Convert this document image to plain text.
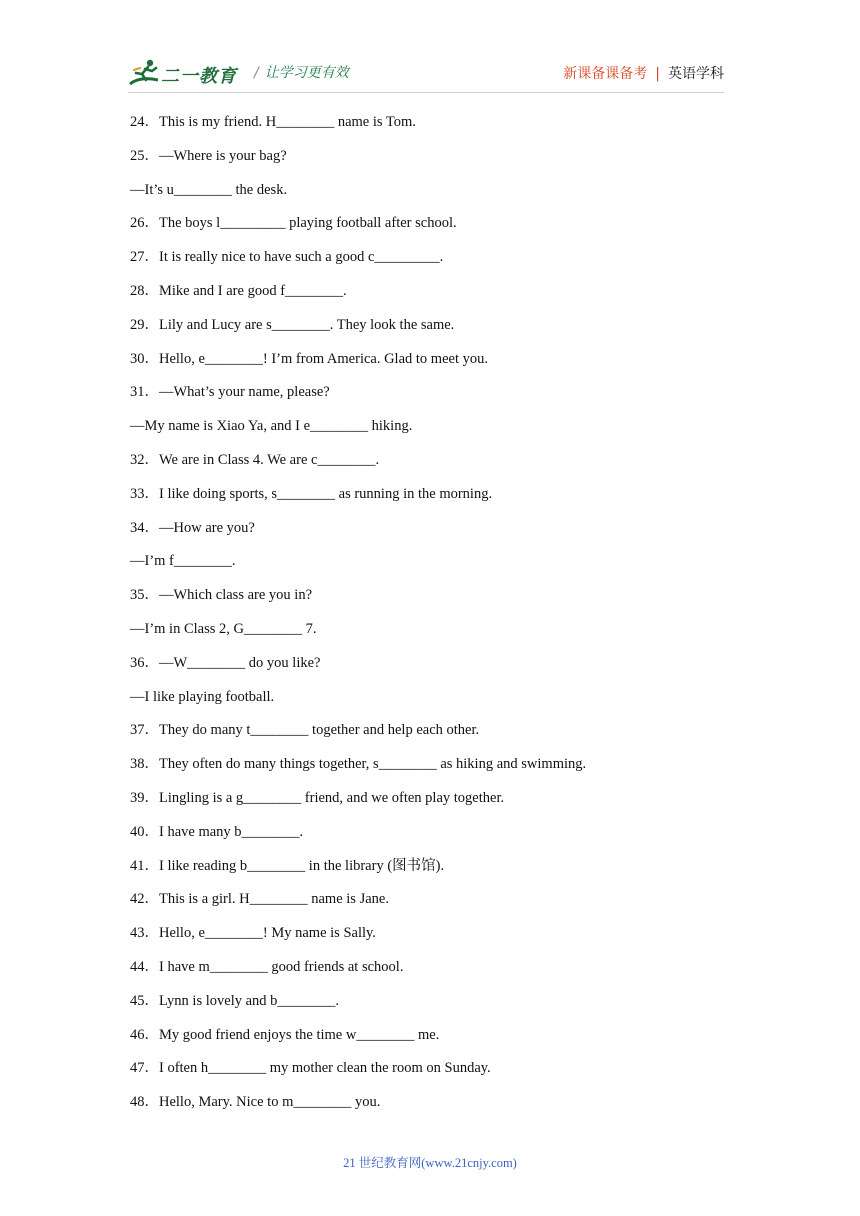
二一教育 / 让学习更有效	新课备课备考 | 英语学科
24．This is my friend. H________ name is Tom.
25．—Where is your bag?
—It’s u________ the desk.
26．The boys l_________ playing football after school.
27．It is really nice to have such a good c_________.
28．Mike and I are good f________.
29．Lily and Lucy are s________. They look the same.
30．Hello, e________! I’m from America. Glad to meet you.
31．—What’s your name, please?
—My name is Xiao Ya, and I e________ hiking.
32．We are in Class 4. We are c________.
33．I like doing sports, s________ as running in the morning.
34．—How are you?
—I’m f________.
35．—Which class are you in?
—I’m in Class 2, G________ 7.
36．—W________ do you like?
—I like playing football.
37．They do many t________ together and help each other.
38．They often do many things together, s________ as hiking and swimming.
39．Lingling is a g________ friend, and we often play together.
40．I have many b________.
41．I like reading b________ in the library (图书馆).
42．This is a girl. H________ name is Jane.
43．Hello, e________! My name is Sally.
44．I have m________ good friends at school.
45．Lynn is lovely and b________.
46．My good friend enjoys the time w________ me.
47．I often h________ my mother clean the room on Sunday.
48．Hello, Mary. Nice to m________ you.
21 世纪教育网(www.21cnjy.com)
